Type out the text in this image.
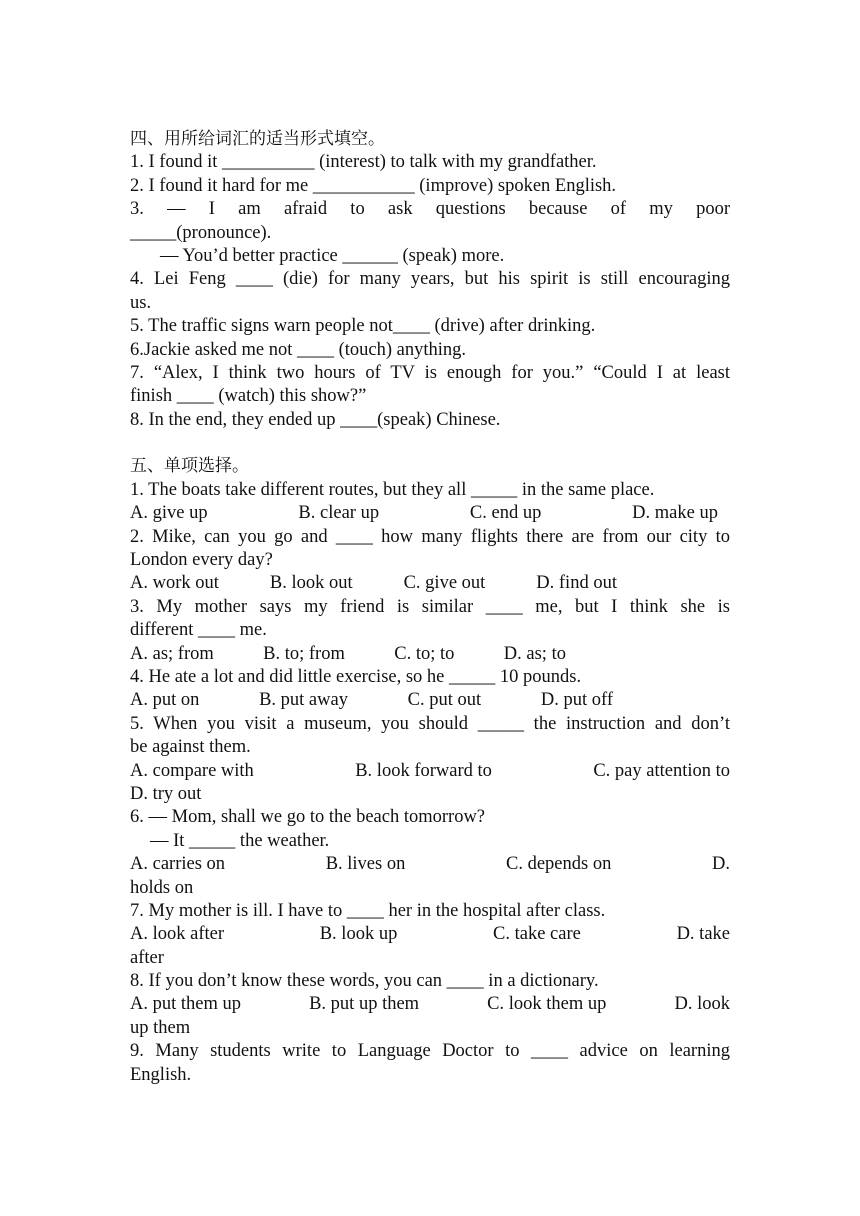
四、用所给词汇的适当形式填空。
1. I found it __________ (interest) to talk with my grandfather.
2. I found it hard for me ___________ (improve) spoken English.
3. — I am afraid to ask questions because of my poor
_____(pronounce).
— You’d better practice ______ (speak) more.
4. Lei Feng ____ (die) for many years, but his spirit is still encouraging
us.
5. The traffic signs warn people not____ (drive) after drinking.
6.Jackie asked me not ____ (touch) anything.
7. “Alex, I think two hours of TV is enough for you.” “Could I at least
finish ____ (watch) this show?”
8. In the end, they ended up ____(speak) Chinese.
五、单项选择。
1. The boats take different routes, but they all _____ in the same place.
A. give up	B. clear up	C. end up	D. make up
2. Mike, can you go and ____ how many flights there are from our city to
London every day?
A. work out	B. look out	C. give out	D. find out
3. My mother says my friend is similar ____ me, but I think she is
different ____ me.
A. as; from	B. to; from	C. to; to	D. as; to
4. He ate a lot and did little exercise, so he _____ 10 pounds.
A. put on	B. put away	C. put out	D. put off
5. When you visit a museum, you should _____ the instruction and don’t
be against them.
A. compare with	B. look forward to	C. pay attention to
D. try out
6. — Mom, shall we go to the beach tomorrow?
— It _____ the weather.
A. carries on	B. lives on	C. depends on	D.
holds on
7. My mother is ill. I have to ____ her in the hospital after class.
A. look after	B. look up	C. take care	D. take
after
8. If you don’t know these words, you can ____ in a dictionary.
A. put them up	B. put up them	C. look them up	D. look
up them
9. Many students write to Language Doctor to ____ advice on learning
English.
